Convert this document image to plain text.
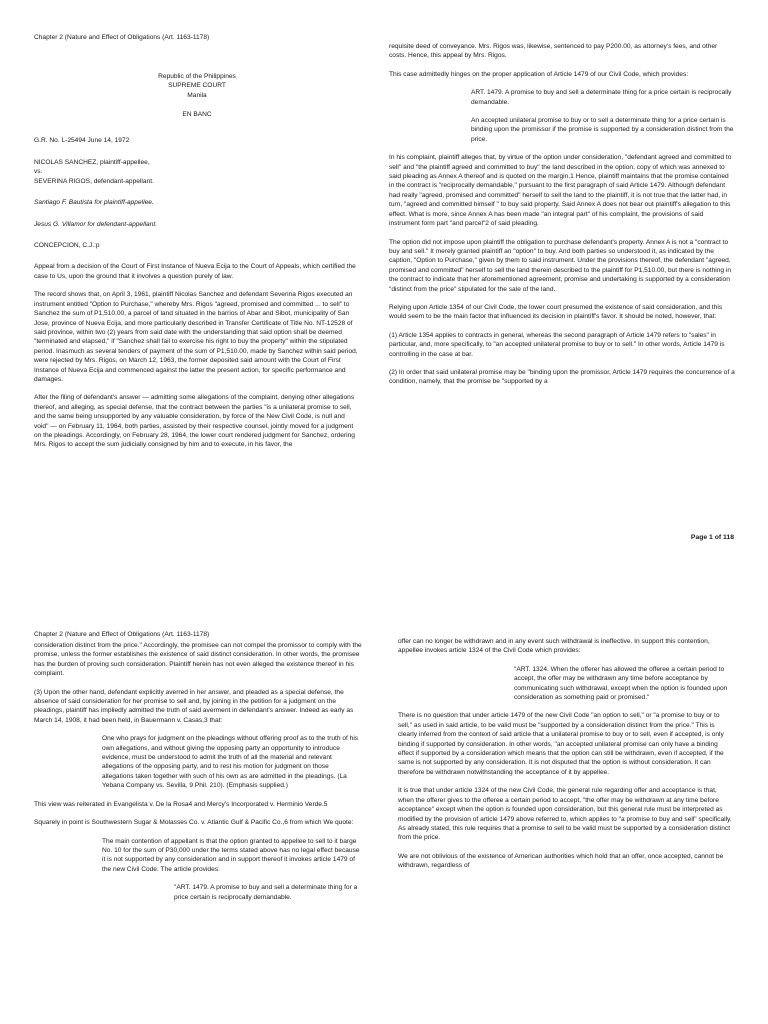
Chapter 2 (Nature and Effect of Obligations (Art. 1163-1178)

Republic of the Philippines

SUPREME COURT

Manila

EN BANC

G.R. No. L-25494 June 14, 1972

NICOLAS SANCHEZ, plaintiff-appellee,

vs.

SEVERINA RIGOS, defendant-appellant.

Santiago F. Bautista for plaintiff-appellee.

Jesus G. Villamor for defendant-appellant.

CONCEPCION, C.J.:p

Appeal from a decision of the Court of First Instance of Nueva Ecija to the Court of Appeals, which certified the case to Us, upon the ground that it involves a question purely of law.

The record shows that, on April 3, 1961, plaintiff Nicolas Sanchez and defendant Severina Rigos executed an instrument entitled "Option to Purchase," whereby Mrs. Rigos "agreed, promised and committed ... to sell" to Sanchez the sum of P1,510.00, a parcel of land situated in the barrios of Abar and Sibot, municipality of San Jose, province of Nueva Ecija, and more particularly described in Transfer Certificate of Title No. NT-12528 of said province, within two (2) years from said date with the understanding that said option shall be deemed "terminated and elapsed," if "Sanchez shall fail to exercise his right to buy the property" within the stipulated period. Inasmuch as several tenders of payment of the sum of P1,510.00, made by Sanchez within said period, were rejected by Mrs. Rigos, on March 12, 1963, the former deposited said amount with the Court of First Instance of Nueva Ecija and commenced against the latter the present action, for specific performance and damages.

After the filing of defendant's answer — admitting some allegations of the complaint, denying other allegations thereof, and alleging, as special defense, that the contract between the parties "is a unilateral promise to sell, and the same being unsupported by any valuable consideration, by force of the New Civil Code, is null and void" — on February 11, 1964, both parties, assisted by their respective counsel, jointly moved for a judgment on the pleadings. Accordingly, on February 28, 1964, the lower court rendered judgment for Sanchez, ordering Mrs. Rigos to accept the sum judicially consigned by him and to execute, in his favor, the

requisite deed of conveyance. Mrs. Rigos was, likewise, sentenced to pay P200.00, as attorney's fees, and other costs. Hence, this appeal by Mrs. Rigos.

This case admittedly hinges on the proper application of Article 1479 of our Civil Code, which provides:

ART. 1479. A promise to buy and sell a determinate thing for a price certain is reciprocally demandable.

An accepted unilateral promise to buy or to sell a determinate thing for a price certain is binding upon the promissor if the promise is supported by a consideration distinct from the price.

In his complaint, plaintiff alleges that, by virtue of the option under consideration, "defendant agreed and committed to sell" and "the plaintiff agreed and committed to buy" the land described in the option, copy of which was annexed to said pleading as Annex A thereof and is quoted on the margin.1 Hence, plaintiff maintains that the promise contained in the contract is "reciprocally demandable," pursuant to the first paragraph of said Article 1479. Although defendant had really "agreed, promised and committed" herself to sell the land to the plaintiff, it is not true that the latter had, in turn, "agreed and committed himself " to buy said property. Said Annex A does not bear out plaintiff's allegation to this effect. What is more, since Annex A has been made "an integral part" of his complaint, the provisions of said instrument form part "and parcel"2 of said pleading.

The option did not impose upon plaintiff the obligation to purchase defendant's property. Annex A is not a "contract to buy and sell." It merely granted plaintiff an "option" to buy. And both parties so understood it, as indicated by the caption, "Option to Purchase," given by them to said instrument. Under the provisions thereof, the defendant "agreed, promised and committed" herself to sell the land therein described to the plaintiff for P1,510.00, but there is nothing in the contract to indicate that her aforementioned agreement, promise and undertaking is supported by a consideration "distinct from the price" stipulated for the sale of the land.

Relying upon Article 1354 of our Civil Code, the lower court presumed the existence of said consideration, and this would seem to be the main factor that influenced its decision in plaintiff's favor. It should be noted, however, that:

(1) Article 1354 applies to contracts in general, whereas the second paragraph of Article 1479 refers to "sales" in particular, and, more specifically, to "an accepted unilateral promise to buy or to sell." In other words, Article 1479 is controlling in the case at bar.

(2) In order that said unilateral promise may be "binding upon the promissor, Article 1479 requires the concurrence of a condition, namely, that the promise be "supported by a

Page 1 of 118
Chapter 2 (Nature and Effect of Obligations (Art. 1163-1178)

consideration distinct from the price." Accordingly, the promisee can not compel the promissor to comply with the promise, unless the former establishes the existence of said distinct consideration. In other words, the promisee has the burden of proving such consideration. Plaintiff herein has not even alleged the existence thereof in his complaint.

(3) Upon the other hand, defendant explicitly averred in her answer, and pleaded as a special defense, the absence of said consideration for her promise to sell and, by joining in the petition for a judgment on the pleadings, plaintiff has impliedly admitted the truth of said averment in defendant's answer. Indeed as early as March 14, 1908, it had been held, in Bauermann v. Casas,3 that:

One who prays for judgment on the pleadings without offering proof as to the truth of his own allegations, and without giving the opposing party an opportunity to introduce evidence, must be understood to admit the truth of all the material and relevant allegations of the opposing party, and to rest his motion for judgment on those allegations taken together with such of his own as are admitted in the pleadings. (La Yebana Company vs. Sevilla, 9 Phil. 210). (Emphasis supplied.)

This view was reiterated in Evangelista v. De la Rosa4 and Mercy's Incorporated v. Herminio Verde.5

Squarely in point is Southwestern Sugar & Molasses Co. v. Atlantic Gulf & Pacific Co.,6 from which We quote:

The main contention of appellant is that the option granted to appellee to sell to it barge No. 10 for the sum of P30,000 under the terms stated above has no legal effect because it is not supported by any consideration and in support thereof it invokes article 1479 of the new Civil Code. The article provides:

"ART. 1479. A promise to buy and sell a determinate thing for a price certain is reciprocally demandable.

offer can no longer be withdrawn and in any event such withdrawal is ineffective. In support this contention, appellee invokes article 1324 of the Civil Code which provides:

"ART. 1324. When the offerer has allowed the offeree a certain period to accept, the offer may be withdrawn any time before acceptance by communicating such withdrawal, except when the option is founded upon consideration as something paid or promised."

There is no question that under article 1479 of the new Civil Code "an option to sell," or "a promise to buy or to sell," as used in said article, to be valid must be "supported by a consideration distinct from the price." This is clearly inferred from the context of said article that a unilateral promise to buy or to sell, even if accepted, is only binding if supported by consideration. In other words, "an accepted unilateral promise can only have a binding effect if supported by a consideration which means that the option can still be withdrawn, even if accepted, if the same is not supported by any consideration. It is not disputed that the option is without consideration. It can therefore be withdrawn notwithstanding the acceptance of it by appellee.

It is true that under article 1324 of the new Civil Code, the general rule regarding offer and acceptance is that, when the offerer gives to the offeree a certain period to accept, "the offer may be withdrawn at any time before acceptance" except when the option is founded upon consideration, but this general rule must be interpreted as modified by the provision of article 1479 above referred to, which applies to "a promise to buy and sell" specifically. As already stated, this rule requires that a promise to sell to be valid must be supported by a consideration distinct from the price.

We are not oblivious of the existence of American authorities which hold that an offer, once accepted, cannot be withdrawn, regardless of
